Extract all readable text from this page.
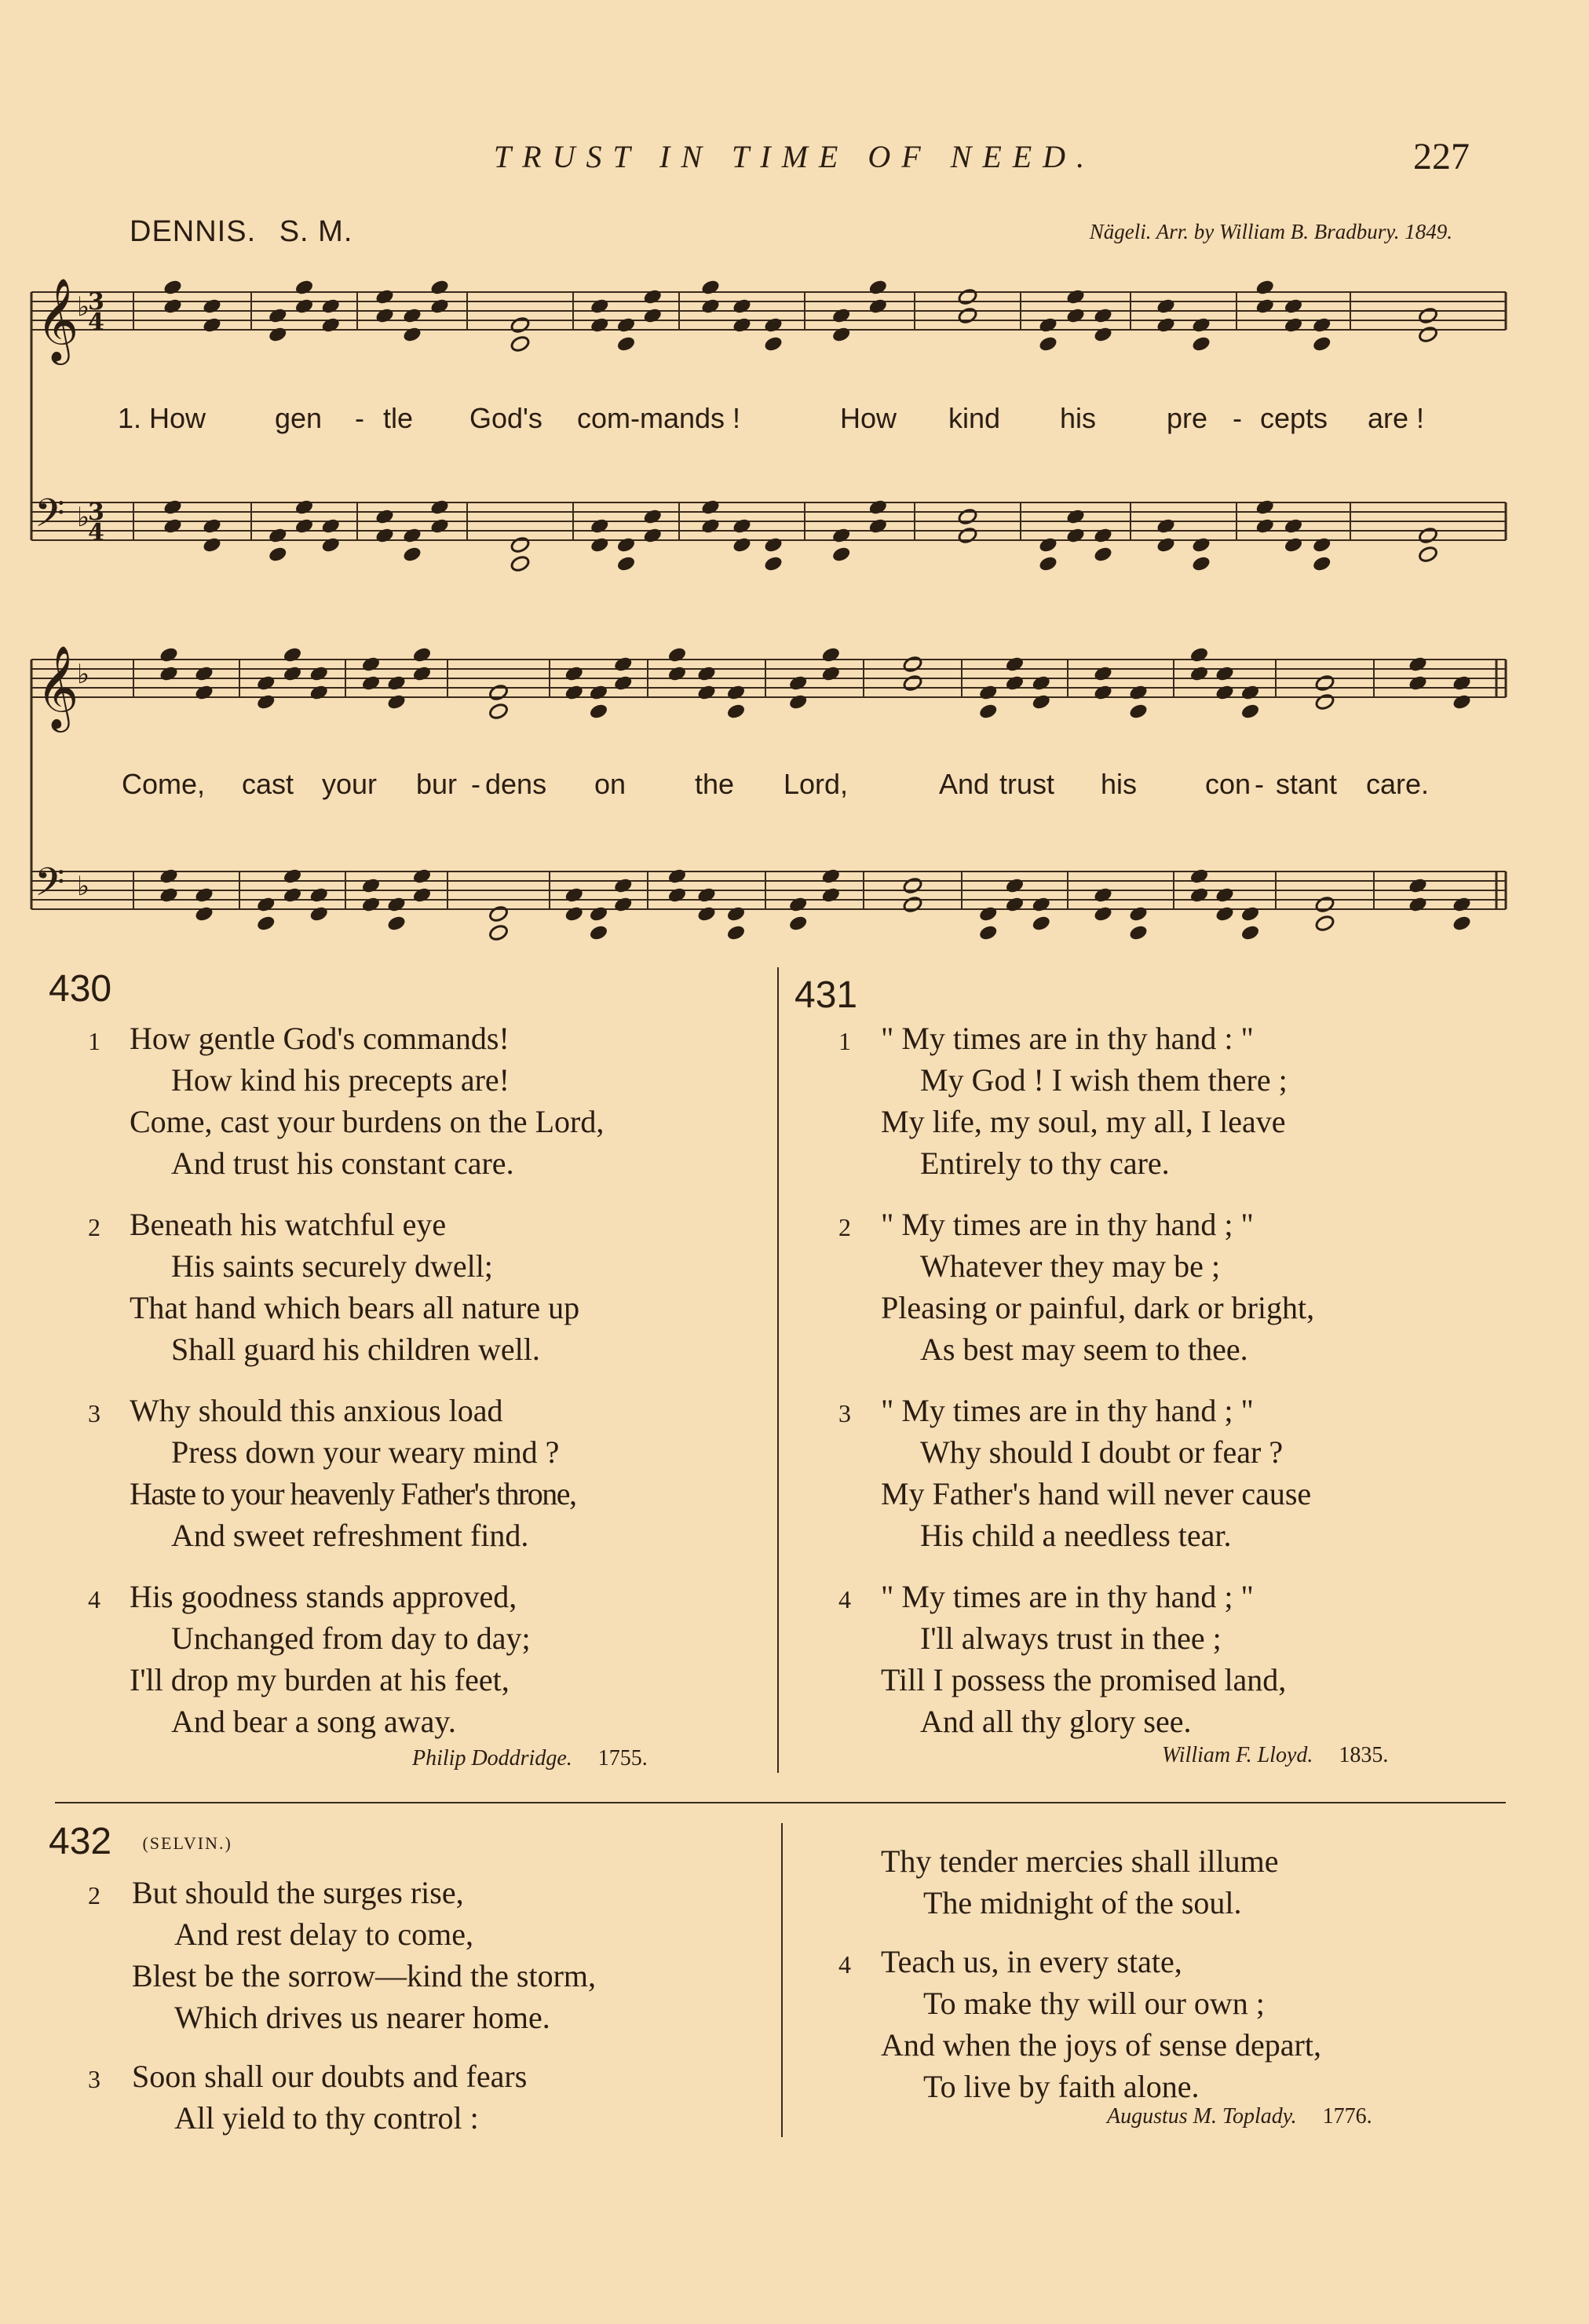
TRUST IN TIME OF NEED.	227
DENNIS. S. M.	Nägeli. Arr. by William B. Bradbury. 1849.
𝄞
♭
𝄢 ♭
𝄞
♭
𝄢 ♭
3
4
3
4
1. How gen - tle God's com-mands !	How kind his pre - cepts are !
Come, cast your bur - dens on the Lord,	And trust his con - stant care.
430
1 How gentle God's commands!
How kind his precepts are!
Come, cast your burdens on the Lord,
And trust his constant care.
2 Beneath his watchful eye
His saints securely dwell;
That hand which bears all nature up
Shall guard his children well.
3 Why should this anxious load
Press down your weary mind ?
Haste to your heavenly Father's throne,
And sweet refreshment find.
4 His goodness stands approved,
Unchanged from day to day;
I'll drop my burden at his feet,
And bear a song away.
Philip Doddridge. 1755.
431
1 " My times are in thy hand : "
My God ! I wish them there ;
My life, my soul, my all, I leave
Entirely to thy care.
2 " My times are in thy hand ; "
Whatever they may be ;
Pleasing or painful, dark or bright,
As best may seem to thee.
3 " My times are in thy hand ; "
Why should I doubt or fear ?
My Father's hand will never cause
His child a needless tear.
4 " My times are in thy hand ; "
I'll always trust in thee ;
Till I possess the promised land,
And all thy glory see.
William F. Lloyd. 1835.
432 (SELVIN.)
2 But should the surges rise,
And rest delay to come,
Blest be the sorrow—kind the storm,
Which drives us nearer home.
3 Soon shall our doubts and fears
All yield to thy control :
Thy tender mercies shall illume
The midnight of the soul.
4 Teach us, in every state,
To make thy will our own ;
And when the joys of sense depart,
To live by faith alone.
Augustus M. Toplady. 1776.
